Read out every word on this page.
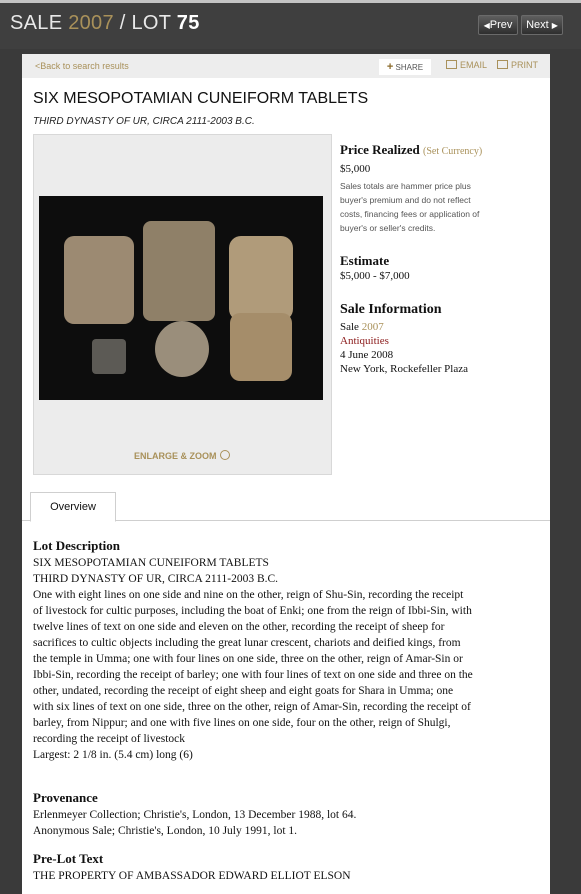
SALE 2007 / LOT 75	◀Prev	Next ▶
<Back to search results	+ SHARE	EMAIL	PRINT
SIX MESOPOTAMIAN CUNEIFORM TABLETS
THIRD DYNASTY OF UR, CIRCA 2111-2003 B.C.
ENLARGE & ZOOM
Price Realized (Set Currency)
$5,000
Sales totals are hammer price plus
buyer's premium and do not reflect
costs, financing fees or application of
buyer's or seller's credits.
Estimate
$5,000 - $7,000
Sale Information
Sale 2007
Antiquities
4 June 2008
New York, Rockefeller Plaza
Overview
Lot Description
SIX MESOPOTAMIAN CUNEIFORM TABLETS
THIRD DYNASTY OF UR, CIRCA 2111-2003 B.C.
One with eight lines on one side and nine on the other, reign of Shu-Sin, recording the receipt
of livestock for cultic purposes, including the boat of Enki; one from the reign of Ibbi-Sin, with
twelve lines of text on one side and eleven on the other, recording the receipt of sheep for
sacrifices to cultic objects including the great lunar crescent, chariots and deified kings, from
the temple in Umma; one with four lines on one side, three on the other, reign of Amar-Sin or
Ibbi-Sin, recording the receipt of barley; one with four lines of text on one side and three on the
other, undated, recording the receipt of eight sheep and eight goats for Shara in Umma; one
with six lines of text on one side, three on the other, reign of Amar-Sin, recording the receipt of
barley, from Nippur; and one with five lines on one side, four on the other, reign of Shulgi,
recording the receipt of livestock
Largest: 2 1/8 in. (5.4 cm) long (6)
Provenance
Erlenmeyer Collection; Christie's, London, 13 December 1988, lot 64.
Anonymous Sale; Christie's, London, 10 July 1991, lot 1.
Pre-Lot Text
THE PROPERTY OF AMBASSADOR EDWARD ELLIOT ELSON
